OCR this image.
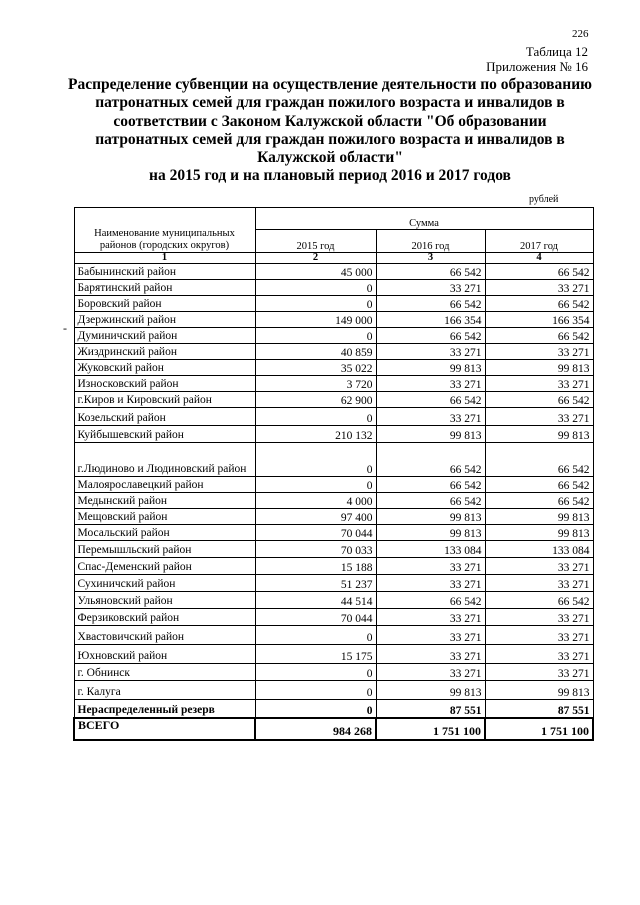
226
Таблица 12
Приложения № 16
Распределение субвенции на осуществление деятельности по образованию
патронатных семей для граждан пожилого возраста и инвалидов в
соответствии с Законом Калужской области "Об образовании
патронатных семей для граждан пожилого возраста и инвалидов в
Калужской области"
на 2015 год и на плановый период 2016 и 2017 годов
рублей
-
Наименование муниципальных районов (городских округов)	Сумма		
	2015 год	2016 год	2017 год
1	2	3	4
Бабынинский район	45 000	66 542	66 542
Барятинский район	0	33 271	33 271
Боровский район	0	66 542	66 542
Дзержинский район	149 000	166 354	166 354
Думиничский район	0	66 542	66 542
Жиздринский район	40 859	33 271	33 271
Жуковский район	35 022	99 813	99 813
Износковский район	3 720	33 271	33 271
г.Киров и Кировский район	62 900	66 542	66 542
Козельский район	0	33 271	33 271
Куйбышевский район	210 132	99 813	99 813
г.Людиново и Людиновский район	0	66 542	66 542
Малоярославецкий район	0	66 542	66 542
Медынский район	4 000	66 542	66 542
Мещовский район	97 400	99 813	99 813
Мосальский район	70 044	99 813	99 813
Перемышльский район	70 033	133 084	133 084
Спас-Деменский район	15 188	33 271	33 271
Сухиничский район	51 237	33 271	33 271
Ульяновский район	44 514	66 542	66 542
Ферзиковский район	70 044	33 271	33 271
Хвастовичский район	0	33 271	33 271
Юхновский район	15 175	33 271	33 271
г. Обнинск	0	33 271	33 271
г. Калуга	0	99 813	99 813
Нераспределенный резерв	0	87 551	87 551
ВСЕГО	984 268	1 751 100	1 751 100
